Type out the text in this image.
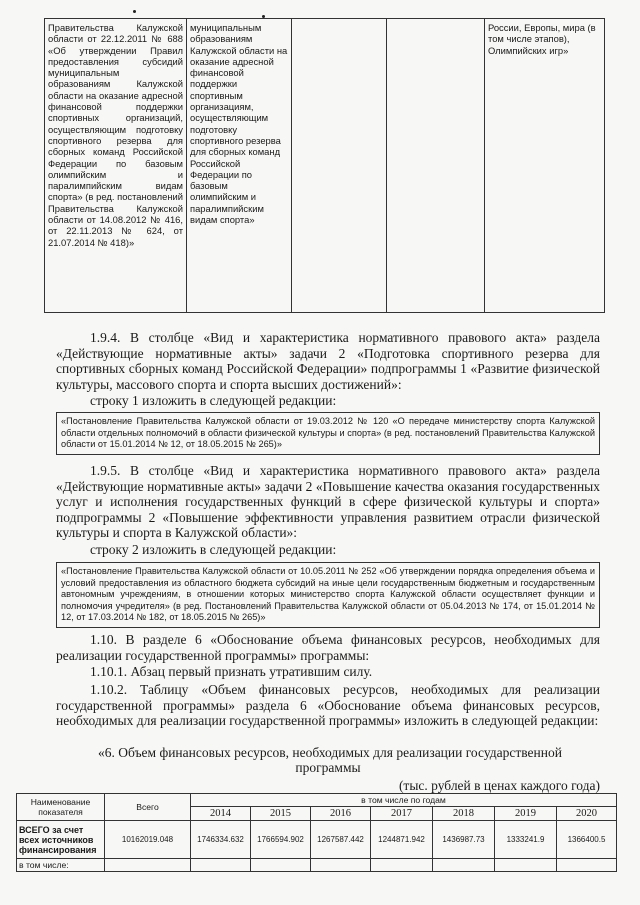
Правительства Калужской области от 22.12.2011 № 688 «Об утверждении Правил предоставления субсидий муниципальным образованиям Калужской области на оказание адресной финансовой поддержки спортивных организаций, осуществляющим подготовку спортивного резерва для сборных команд Российской Федерации по базовым олимпийским и паралимпийским видам спорта» (в ред. постановлений Правительства Калужской области от 14.08.2012 № 416, от 22.11.2013 № 624, от 21.07.2014 № 418)»	муниципальным образованиям Калужской области на оказание адресной финансовой поддержки спортивным организациям, осуществляющим подготовку спортивного резерва для сборных команд Российской Федерации по базовым олимпийским и паралимпийским видам спорта»			России, Европы, мира (в том числе этапов), Олимпийских игр»
1.9.4. В столбце «Вид и характеристика нормативного правового акта» раздела «Действующие нормативные акты» задачи 2 «Подготовка спортивного резерва для спортивных сборных команд Российской Федерации» подпрограммы 1 «Развитие физической культуры, массового спорта и спорта высших достижений»:
строку 1 изложить в следующей редакции:
«Постановление Правительства Калужской области от 19.03.2012 № 120 «О передаче министерству спорта Калужской области отдельных полномочий в области физической культуры и спорта» (в ред. постановлений Правительства Калужской области от 15.01.2014 № 12, от 18.05.2015 № 265)»
1.9.5. В столбце «Вид и характеристика нормативного правового акта» раздела «Действующие нормативные акты» задачи 2 «Повышение качества оказания государственных услуг и исполнения государственных функций в сфере физической культуры и спорта» подпрограммы 2 «Повышение эффективности управления развитием отрасли физической культуры и спорта в Калужской области»:
строку 2 изложить в следующей редакции:
«Постановление Правительства Калужской области от 10.05.2011 № 252 «Об утверждении порядка определения объема и условий предоставления из областного бюджета субсидий на иные цели государственным бюджетным и государственным автономным учреждениям, в отношении которых министерство спорта Калужской области осуществляет функции и полномочия учредителя» (в ред. Постановлений Правительства Калужской области от 05.04.2013 № 174, от 15.01.2014 № 12, от 17.03.2014 № 182, от 18.05.2015 № 265)»
1.10. В разделе 6 «Обоснование объема финансовых ресурсов, необходимых для реализации государственной программы» программы:
1.10.1. Абзац первый признать утратившим силу.
1.10.2. Таблицу «Объем финансовых ресурсов, необходимых для реализации государственной программы» раздела 6 «Обоснование объема финансовых ресурсов, необходимых для реализации государственной программы» изложить в следующей редакции:
«6. Объем финансовых ресурсов, необходимых для реализации государственной
программы
(тыс. рублей в ценах каждого года)
Наименование показателя	Всего	в том числе по годам						
		2014	2015	2016	2017	2018	2019	2020
ВСЕГО за счет всех источников финансирования	10162019.048	1746334.632	1766594.902	1267587.442	1244871.942	1436987.73	1333241.9	1366400.5
в том числе:								
